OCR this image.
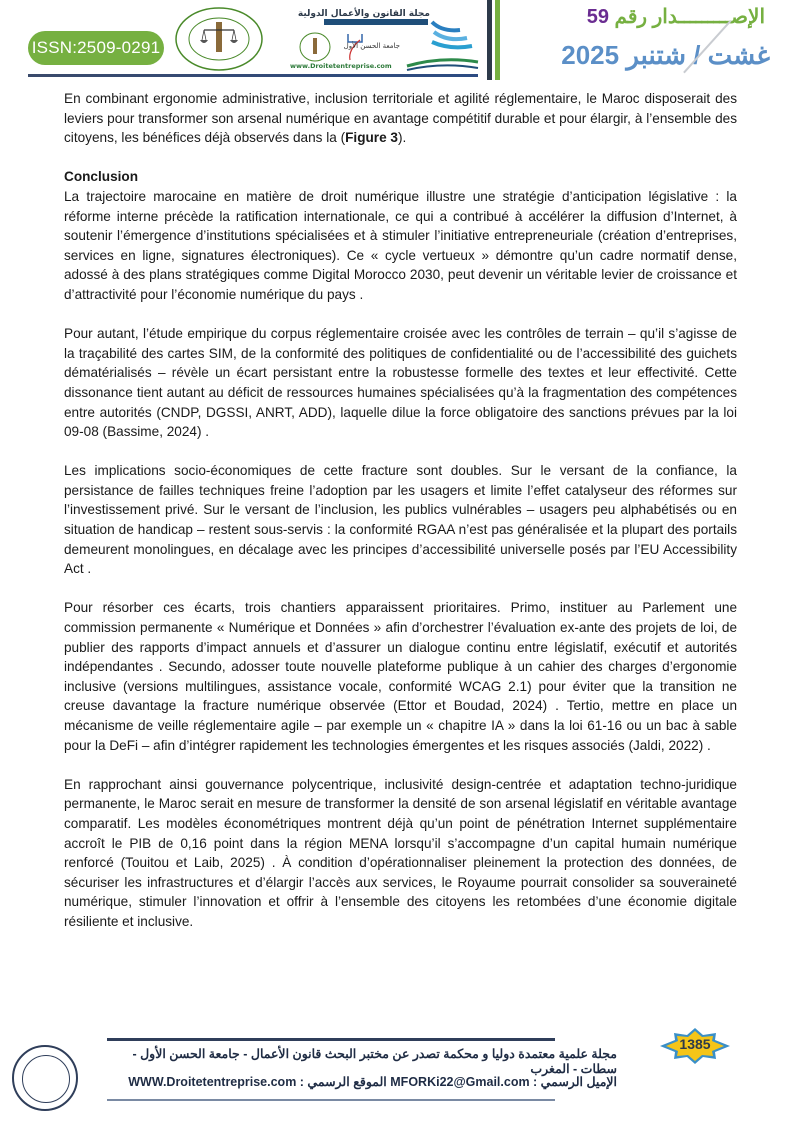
ISSN:2509-0291
مجلة القانون والأعمال الدولية
جامعة الحسن الأول
www.Droitetentreprise.com
الإصـــــــــدار رقم 59
غشت / شتنبر 2025

En combinant ergonomie administrative, inclusion territoriale et agilité réglementaire, le Maroc disposerait des leviers pour transformer son arsenal numérique en avantage compétitif durable et pour élargir, à l’ensemble des citoyens, les bénéfices déjà observés dans la (Figure 3).

Conclusion

La trajectoire marocaine en matière de droit numérique illustre une stratégie d’anticipation législative : la réforme interne précède la ratification internationale, ce qui a contribué à accélérer la diffusion d’Internet, à soutenir l’émergence d’institutions spécialisées et à stimuler l’initiative entrepreneuriale (création d’entreprises, services en ligne, signatures électroniques). Ce « cycle vertueux » démontre qu’un cadre normatif dense, adossé à des plans stratégiques comme Digital Morocco 2030, peut devenir un véritable levier de croissance et d’attractivité pour l’économie numérique du pays .

Pour autant, l’étude empirique du corpus réglementaire croisée avec les contrôles de terrain – qu’il s’agisse de la traçabilité des cartes SIM, de la conformité des politiques de confidentialité ou de l’accessibilité des guichets dématérialisés – révèle un écart persistant entre la robustesse formelle des textes et leur effectivité. Cette dissonance tient autant au déficit de ressources humaines spécialisées qu’à la fragmentation des compétences entre autorités (CNDP, DGSSI, ANRT, ADD), laquelle dilue la force obligatoire des sanctions prévues par la loi 09-08 (Bassime, 2024) .

Les implications socio-économiques de cette fracture sont doubles. Sur le versant de la confiance, la persistance de failles techniques freine l’adoption par les usagers et limite l’effet catalyseur des réformes sur l’investissement privé. Sur le versant de l’inclusion, les publics vulnérables – usagers peu alphabétisés ou en situation de handicap – restent sous-servis : la conformité RGAA n’est pas généralisée et la plupart des portails demeurent monolingues, en décalage avec les principes d’accessibilité universelle posés par l’EU Accessibility Act .

Pour résorber ces écarts, trois chantiers apparaissent prioritaires. Primo, instituer au Parlement une commission permanente « Numérique et Données » afin d’orchestrer l’évaluation ex-ante des projets de loi, de publier des rapports d’impact annuels et d’assurer un dialogue continu entre législatif, exécutif et autorités indépendantes . Secundo, adosser toute nouvelle plateforme publique à un cahier des charges d’ergonomie inclusive (versions multilingues, assistance vocale, conformité WCAG 2.1) pour éviter que la transition ne creuse davantage la fracture numérique observée (Ettor et Boudad, 2024) . Tertio, mettre en place un mécanisme de veille réglementaire agile – par exemple un « chapitre IA » dans la loi 61-16 ou un bac à sable pour la DeFi – afin d’intégrer rapidement les technologies émergentes et les risques associés (Jaldi, 2022) .

En rapprochant ainsi gouvernance polycentrique, inclusivité design-centrée et adaptation techno-juridique permanente, le Maroc serait en mesure de transformer la densité de son arsenal législatif en véritable avantage comparatif. Les modèles économétriques montrent déjà qu’un point de pénétration Internet supplémentaire accroît le PIB de 0,16 point dans la région MENA lorsqu’il s’accompagne d’un capital humain numérique renforcé (Touitou et Laib, 2025) . À condition d’opérationnaliser pleinement la protection des données, de sécuriser les infrastructures et d’élargir l’accès aux services, le Royaume pourrait consolider sa souveraineté numérique, stimuler l’innovation et offrir à l’ensemble des citoyens les retombées d’une économie digitale résiliente et inclusive.

مجلة علمية معتمدة دوليا و محكمة تصدر عن مختبر البحث قانون الأعمال - جامعة الحسن الأول - سطات - المغرب
الإميل الرسمي : MFORKi22@Gmail.com الموقع الرسمي : WWW.Droitetentreprise.com
1385
